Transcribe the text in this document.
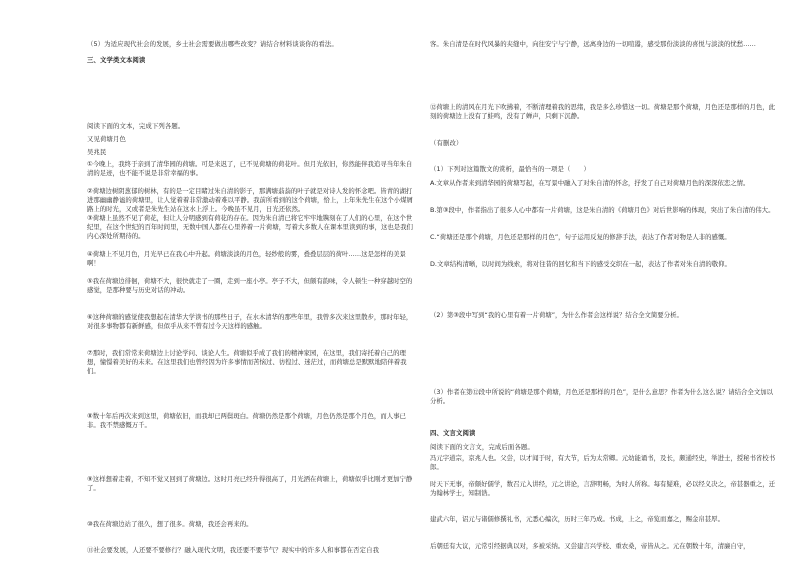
（5）为适应现代社会的发展，乡土社会需要做出哪些改变？请结合材料谈谈你的看法。
三、文学类文本阅读
阅读下面的文本，完成下列各题。
又见荷塘月色
吴兆民
①今晚上，我终于亲到了清华园的荷塘。可是来迟了，已不见荷塘的荷花叶。但月光依旧，你然能伴我追寻当年朱自清的足迹，也不能不说是非常幸福的事。
②荷塘边树阴葱郁的树林，有的是一定目睹过朱自清的影子，那满塘蓊蓊的叶子就是对诗人发的怀念吧。皆青的湖打进那幽幽静谧的荷塘里，让人觉着着非常激动着难以平静。我前所看到的这个荷塘，恰上，上年朱先生在这个小煤屑路上的时光，又或者是朱先生站在这水上浮上。今晚虽不见月，日光还依然。
③荷塘上虽然不见了荷花，但让人分明感到有荷花的存在。因为朱自清已将它牢牢地镌刻在了人们的心里，在这个世纪里，在这个世纪的百年时间里，无数中国人都在心里养着一片荷塘，写着大多数人在课本里读到的事，这也是我们内心深处所期待的。
④荷塘上不见月色，月光早已在我心中升起。荷塘淡淡的月色，轻纱般的雾，叠叠层层的荷叶……这是怎样的美景啊！
⑤我在荷塘边徘徊，荷塘不大，很快就走了一圈，走到一座小亭。亭子不大，但颇有韵味，令人顿生一种穿越时空的感觉，是那种要与历史对话的冲动。
⑥这种荷塘的感觉使我想起在清华大学读书的那些日子，在水木清华的那些年里，我曾多次来这里散步，那时年轻，对很多事物都有新鲜感，但似乎从来不曾有过今天这样的感触。
⑦那时，我们常常来荷塘边上讨论学问、谈论人生。荷塘似乎成了我们的精神家园，在这里，我们寄托着自己的理想，憧憬着美好的未来。在这里我们也曾经因为许多事情而苦恼过、彷徨过、迷茫过，而荷塘总是默默地陪伴着我们。
⑧数十年后再次来到这里，荷塘依旧，而我却已两鬓斑白。荷塘仍然是那个荷塘，月色仍然是那个月色，而人事已非。我不禁感慨万千。
⑨这样想着走着，不知不觉又回到了荷塘边。这时月亮已经升得很高了，月光洒在荷塘上，荷塘似乎比刚才更加宁静了。
⑩我在荷塘边站了很久，想了很多。荷塘，我还会再来的。
⑪社会要发展，人还要不要修行？融入现代文明，我还要不要节气？现实中的许多人和事都在否定自我
客。朱自清是在时代风暴的夹缝中，向往安宁与宁静，远离身边的一切喧嚣，感受那份淡淡的喜悦与淡淡的忧愁……
⑫荷塘上的清风在月光下吹拂着，不断清理着我的思绪，我是多么珍惜这一切。荷塘是那个荷塘，月色还是那样的月色，此刻的荷塘边上没有了蛙鸣，没有了蝉声，只剩下沉静。
（有删改）
（1）下列对这篇散文的赏析，最恰当的一项是（　　）
A.文章从作者来到清华园的荷塘写起，在写景中融入了对朱自清的怀念，抒发了自己对荷塘月色的深深依恋之情。
B.第③段中，作者指出了很多人心中都有一片荷塘，这是朱自清的《荷塘月色》对后世影响的体现，突出了朱自清的伟大。
C.“荷塘还是那个荷塘，月色还是那样的月色”，句子运用反复的修辞手法，表达了作者对物是人非的感慨。
D.文章结构清晰，以时间为线索，将对往昔的回忆和当下的感受交织在一起，表达了作者对朱自清的敬仰。
（2）第③段中写到“我的心里有着一片荷塘”，为什么作者会这样说？结合全文简要分析。
（3）作者在第⑫段中所说的“荷塘是那个荷塘，月色还是那样的月色”，是什么意思？作者为什么这么说？请结合全文加以分析。
四、文言文阅读
阅读下面的文言文，完成后面各题。
冯元字道宗，京兆人也。父尝，以才闻于时，有大节，后为太常卿。元幼能诵书，及长，颇通经史，举进士，授秘书省校书郎。
时天下无事，帝颇好儒学，数召元入讲经，元之讲论，言辞明畅，为时人所称。每有疑难，必以经义决之，帝甚器重之，迁为翰林学士，知制诰。
建武六年，诏元与诸儒修撰礼书，元悉心编次，历时三年乃成。书成，上之，帝览而嘉之，赐金帛甚厚。
后朝廷有大议，元常引经据典以对，多被采纳。又尝建言兴学校、重农桑，帝皆从之。元在朝数十年，清廉自守，
